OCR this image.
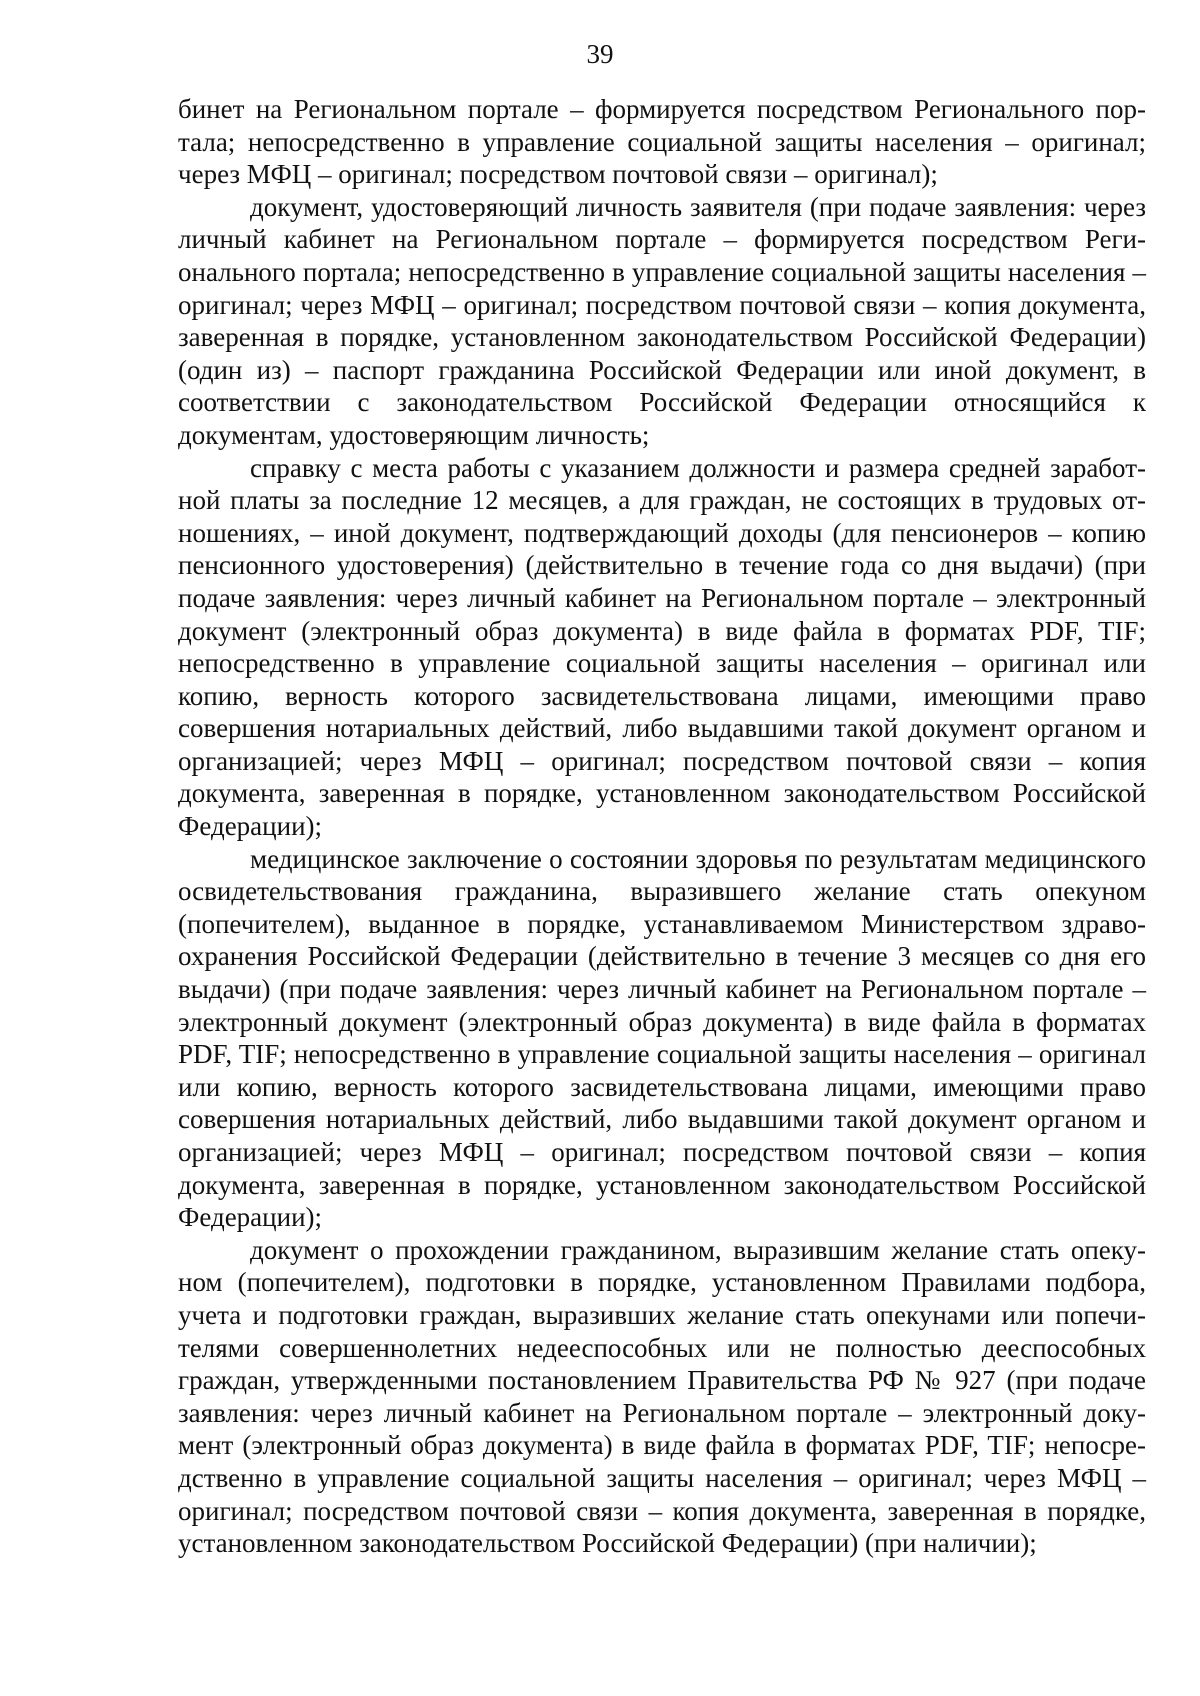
39

бинет на Региональном портале – формируется посредством Регионального портала; непосредственно в управление социальной защиты населения – оригинал; через МФЦ – оригинал; посредством почтовой связи – оригинал);

документ, удостоверяющий личность заявителя (при подаче заявления: через личный кабинет на Региональном портале – формируется посредством Регионального портала; непосредственно в управление социальной защиты населения – оригинал; через МФЦ – оригинал; посредством почтовой связи – копия документа, заверенная в порядке, установленном законодательством Российской Федерации) (один из) – паспорт гражданина Российской Федерации или иной документ, в соответствии с законодательством Российской Федерации относящийся к документам, удостоверяющим личность;

справку с места работы с указанием должности и размера средней заработной платы за последние 12 месяцев, а для граждан, не состоящих в трудовых отношениях, – иной документ, подтверждающий доходы (для пенсионеров – копию пенсионного удостоверения) (действительно в течение года со дня выдачи) (при подаче заявления: через личный кабинет на Региональном портале – электронный документ (электронный образ документа) в виде файла в форматах PDF, TIF; непосредственно в управление социальной защиты населения – оригинал или копию, верность которого засвидетельствована лицами, имеющими право совершения нотариальных действий, либо выдавшими такой документ органом и организацией; через МФЦ – оригинал; посредством почтовой связи – копия документа, заверенная в порядке, установленном законодательством Российской Федерации);

медицинское заключение о состоянии здоровья по результатам медицинского освидетельствования гражданина, выразившего желание стать опекуном (попечителем), выданное в порядке, устанавливаемом Министерством здравоохранения Российской Федерации (действительно в течение 3 месяцев со дня его выдачи) (при подаче заявления: через личный кабинет на Региональном портале – электронный документ (электронный образ документа) в виде файла в форматах PDF, TIF; непосредственно в управление социальной защиты населения – оригинал или копию, верность которого засвидетельствована лицами, имеющими право совершения нотариальных действий, либо выдавшими такой документ органом и организацией; через МФЦ – оригинал; посредством почтовой связи – копия документа, заверенная в порядке, установленном законодательством Российской Федерации);

документ о прохождении гражданином, выразившим желание стать опекуном (попечителем), подготовки в порядке, установленном Правилами подбора, учета и подготовки граждан, выразивших желание стать опекунами или попечителями совершеннолетних недееспособных или не полностью дееспособных граждан, утвержденными постановлением Правительства РФ № 927 (при подаче заявления: через личный кабинет на Региональном портале – электронный документ (электронный образ документа) в виде файла в форматах PDF, TIF; непосредственно в управление социальной защиты населения – оригинал; через МФЦ – оригинал; посредством почтовой связи – копия документа, заверенная в порядке, установленном законодательством Российской Федерации) (при наличии);
